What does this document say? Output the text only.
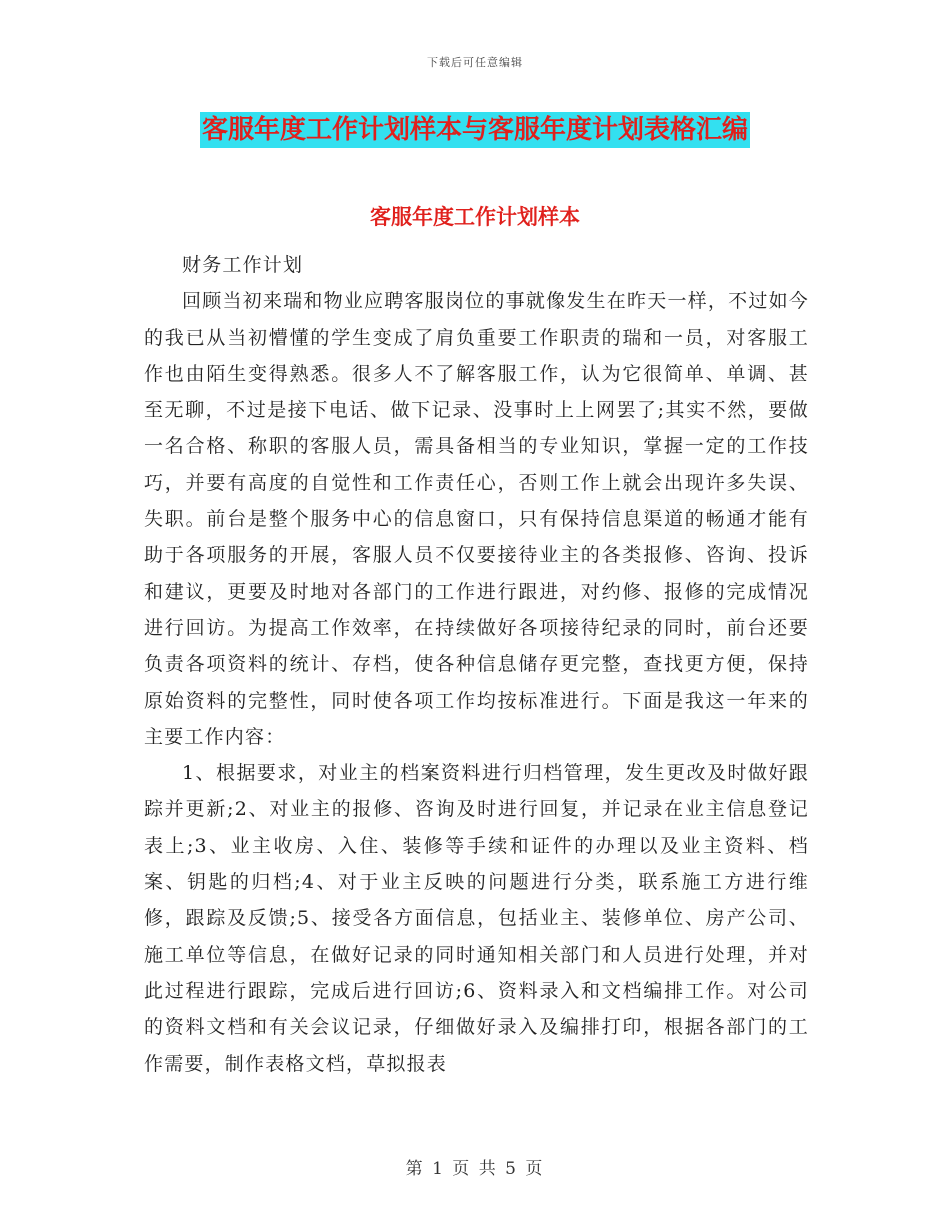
下载后可任意编辑
客服年度工作计划样本与客服年度计划表格汇编
客服年度工作计划样本

财务工作计划

回顾当初来瑞和物业应聘客服岗位的事就像发生在昨天一样，不过如今的我已从当初懵懂的学生变成了肩负重要工作职责的瑞和一员，对客服工作也由陌生变得熟悉。很多人不了解客服工作，认为它很简单、单调、甚至无聊，不过是接下电话、做下记录、没事时上上网罢了;其实不然，要做一名合格、称职的客服人员，需具备相当的专业知识，掌握一定的工作技巧，并要有高度的自觉性和工作责任心，否则工作上就会出现许多失误、失职。前台是整个服务中心的信息窗口，只有保持信息渠道的畅通才能有助于各项服务的开展，客服人员不仅要接待业主的各类报修、咨询、投诉和建议，更要及时地对各部门的工作进行跟进，对约修、报修的完成情况进行回访。为提高工作效率，在持续做好各项接待纪录的同时，前台还要负责各项资料的统计、存档，使各种信息储存更完整，查找更方便，保持原始资料的完整性，同时使各项工作均按标准进行。下面是我这一年来的主要工作内容：

1、根据要求，对业主的档案资料进行归档管理，发生更改及时做好跟踪并更新;2、对业主的报修、咨询及时进行回复，并记录在业主信息登记表上;3、业主收房、入住、装修等手续和证件的办理以及业主资料、档案、钥匙的归档;4、对于业主反映的问题进行分类，联系施工方进行维修，跟踪及反馈;5、接受各方面信息，包括业主、装修单位、房产公司、施工单位等信息，在做好记录的同时通知相关部门和人员进行处理，并对此过程进行跟踪，完成后进行回访;6、资料录入和文档编排工作。对公司的资料文档和有关会议记录，仔细做好录入及编排打印，根据各部门的工作需要，制作表格文档，草拟报表

第 1 页 共 5 页
